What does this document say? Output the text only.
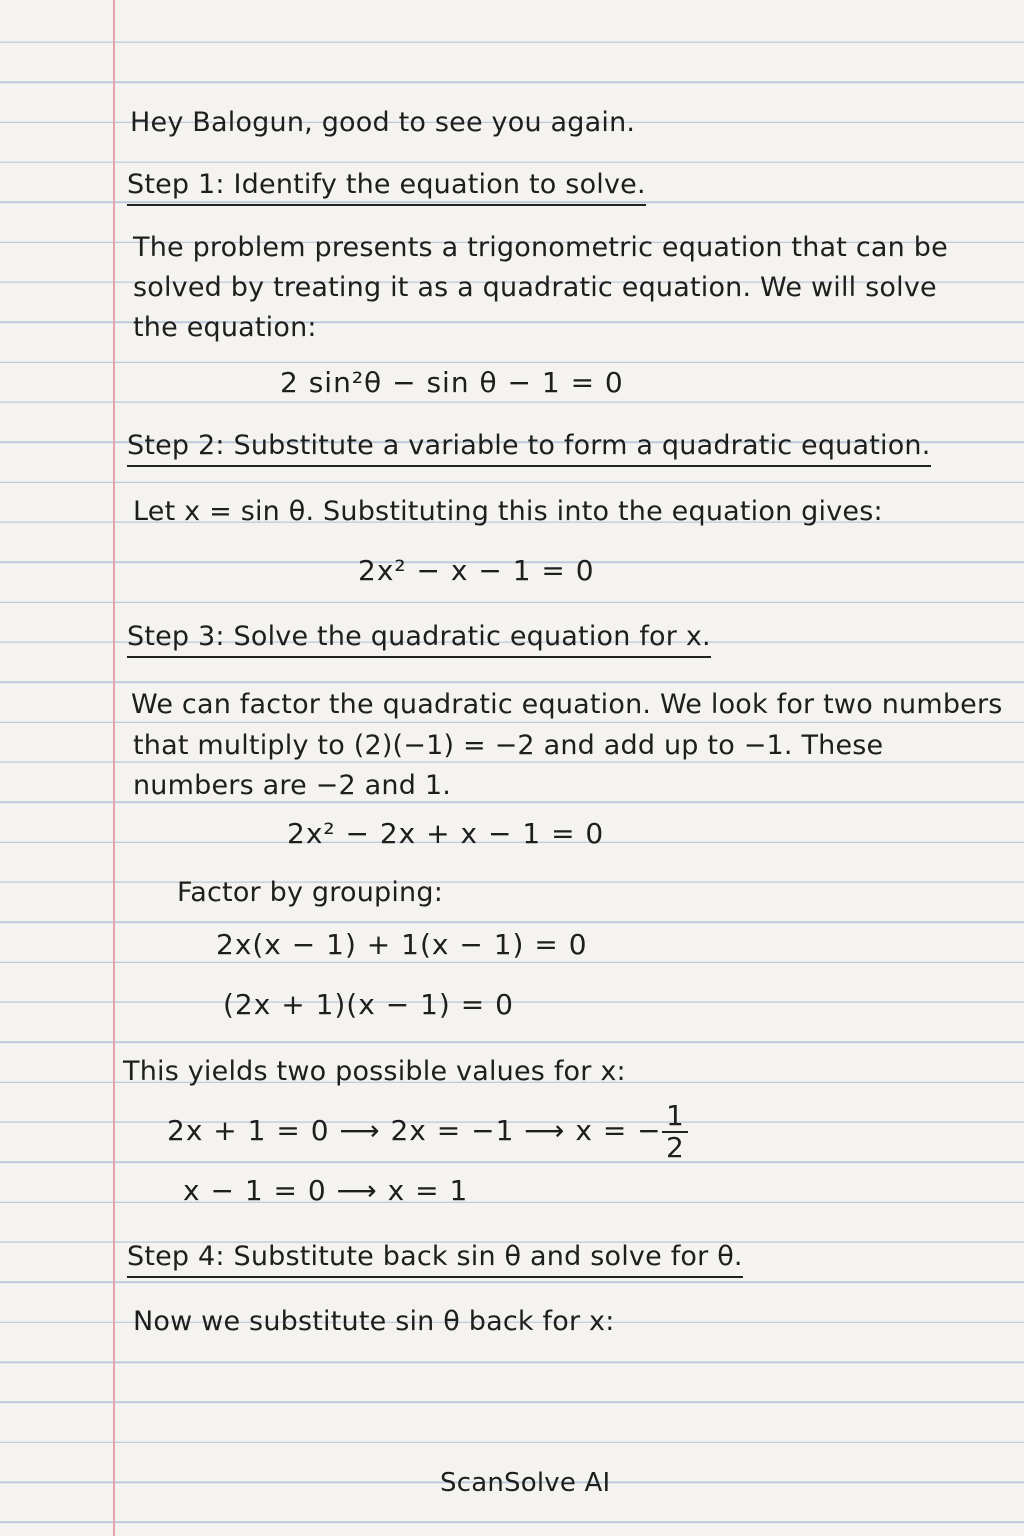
Hey Balogun, good to see you again.
Step 1: Identify the equation to solve.
The problem presents a trigonometric equation that can be
solved by treating it as a quadratic equation. We will solve
the equation:
2 sin²θ − sin θ − 1 = 0
Step 2: Substitute a variable to form a quadratic equation.
Let x = sin θ. Substituting this into the equation gives:
2x² − x − 1 = 0
Step 3: Solve the quadratic equation for x.
We can factor the quadratic equation. We look for two numbers
that multiply to (2)(−1) = −2 and add up to −1. These
numbers are −2 and 1.
2x² − 2x + x − 1 = 0
Factor by grouping:
2x(x − 1) + 1(x − 1) = 0
(2x + 1)(x − 1) = 0
This yields two possible values for x:
2x + 1 = 0 ⟶ 2x = −1 ⟶ x = − $\frac{1}{2}$
x − 1 = 0 ⟶ x = 1
Step 4: Substitute back sin θ and solve for θ.
Now we substitute sin θ back for x:
ScanSolve AI
